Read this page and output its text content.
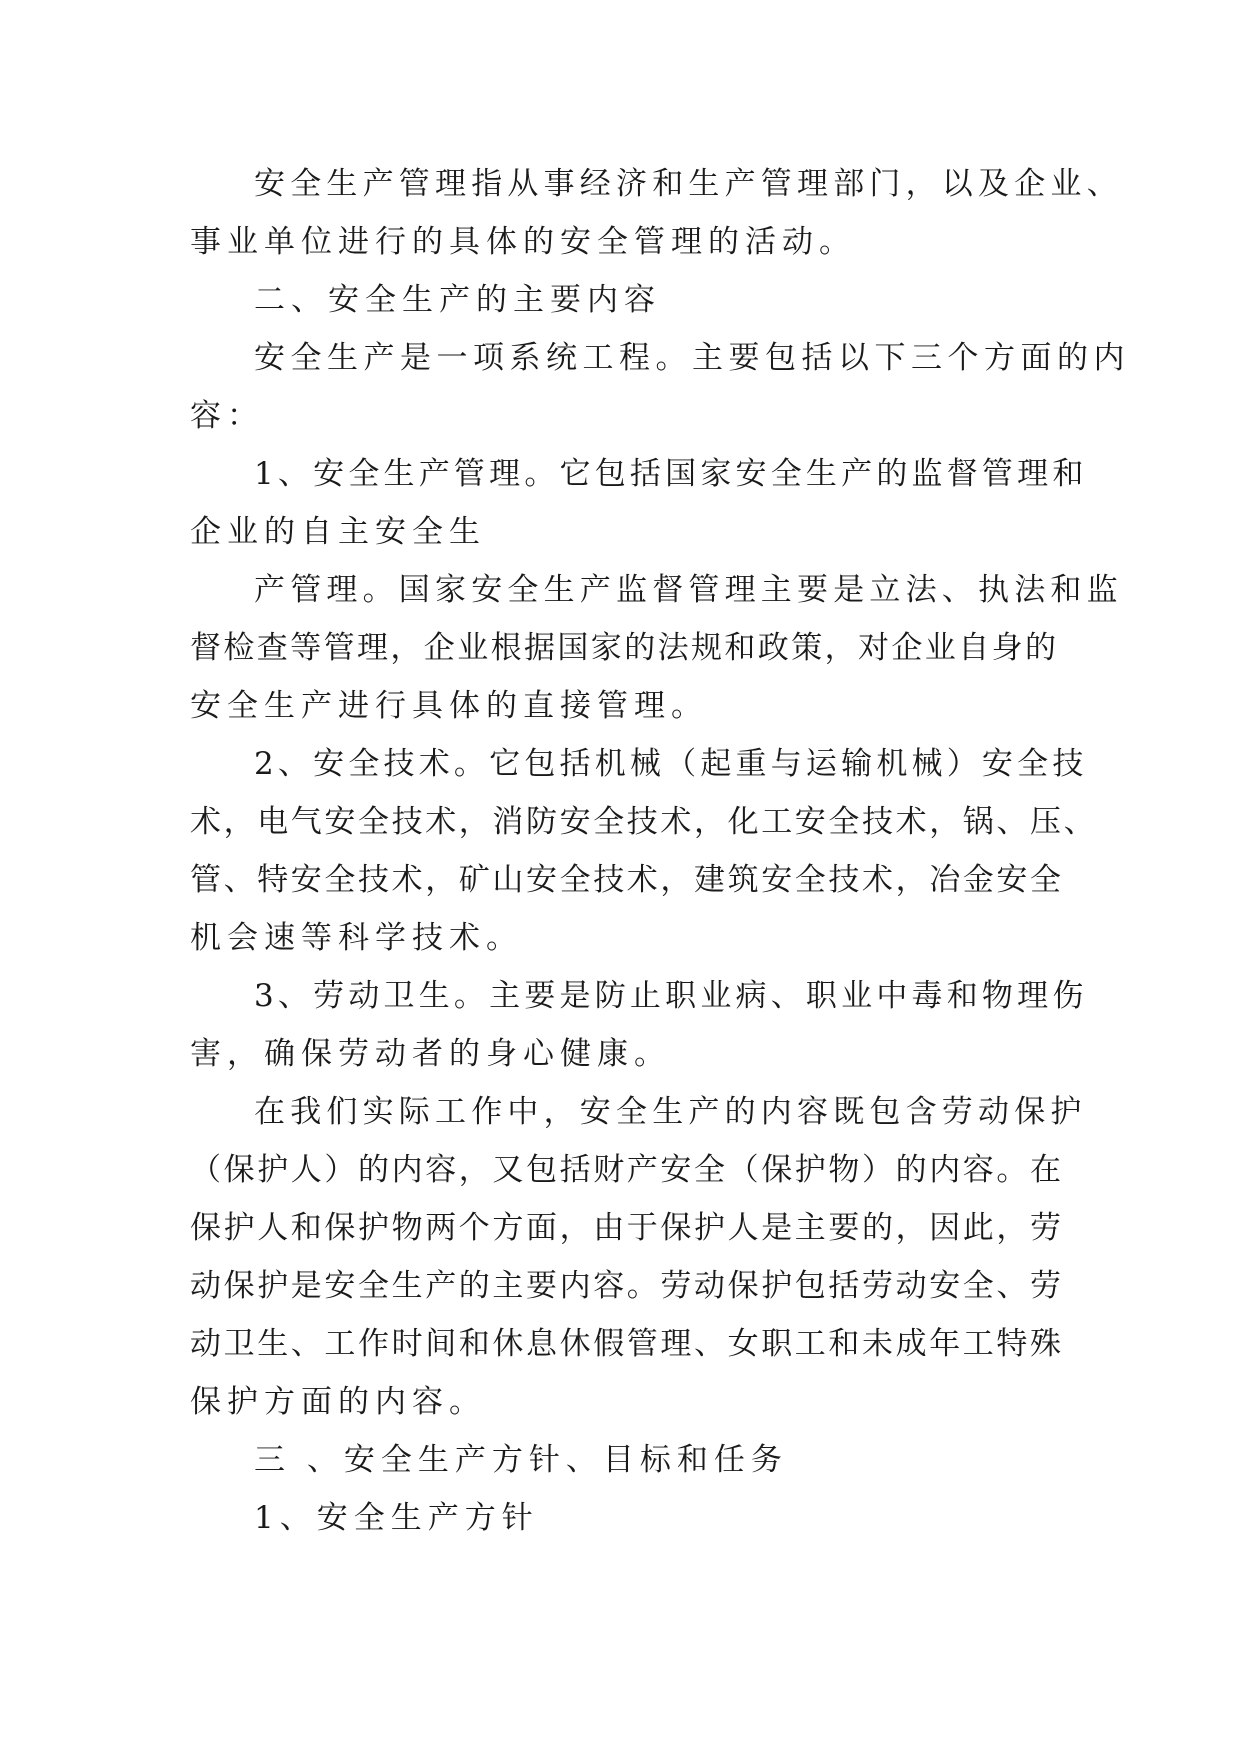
安全生产管理指从事经济和生产管理部门，以及企业、

事业单位进行的具体的安全管理的活动。

二、安全生产的主要内容

安全生产是一项系统工程。主要包括以下三个方面的内

容：

1、安全生产管理。它包括国家安全生产的监督管理和

企业的自主安全生

产管理。国家安全生产监督管理主要是立法、执法和监

督检查等管理，企业根据国家的法规和政策，对企业自身的

安全生产进行具体的直接管理。

2、安全技术。它包括机械（起重与运输机械）安全技

术，电气安全技术，消防安全技术，化工安全技术，锅、压、

管、特安全技术，矿山安全技术，建筑安全技术，冶金安全

机会速等科学技术。

3、劳动卫生。主要是防止职业病、职业中毒和物理伤

害，确保劳动者的身心健康。

在我们实际工作中，安全生产的内容既包含劳动保护

（保护人）的内容，又包括财产安全（保护物）的内容。在

保护人和保护物两个方面，由于保护人是主要的，因此，劳

动保护是安全生产的主要内容。劳动保护包括劳动安全、劳

动卫生、工作时间和休息休假管理、女职工和未成年工特殊

保护方面的内容。

三 、安全生产方针、目标和任务

1、安全生产方针
